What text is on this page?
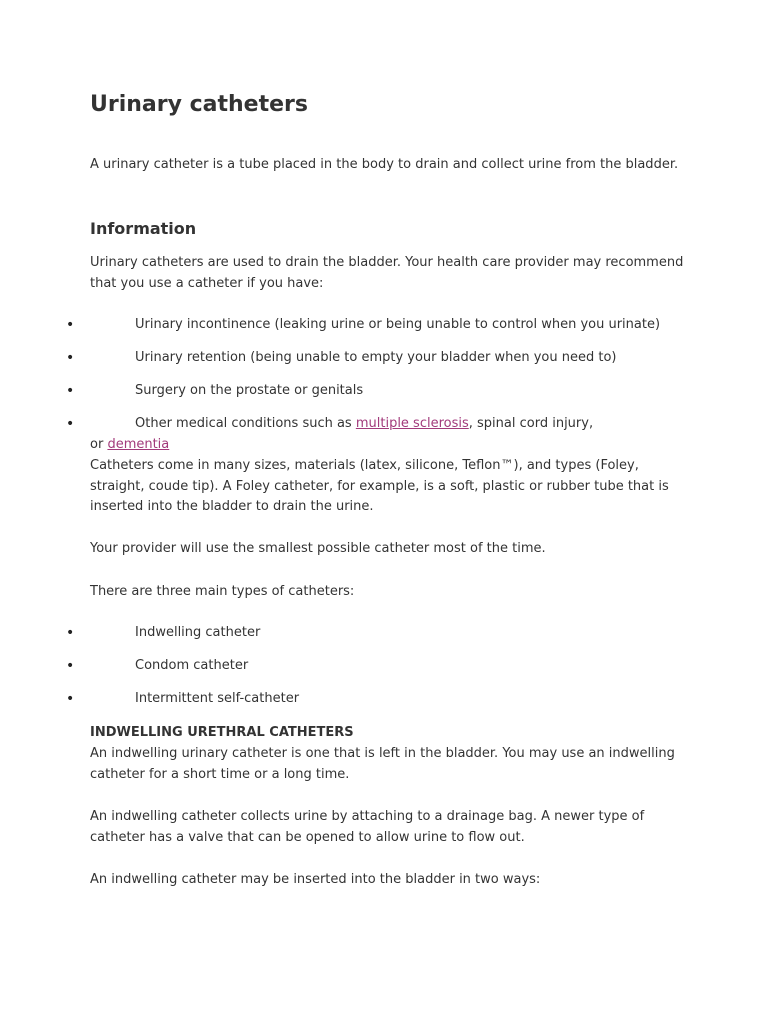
Urinary catheters

A urinary catheter is a tube placed in the body to drain and collect urine from the bladder.

Information

Urinary catheters are used to drain the bladder. Your health care provider may recommend that you use a catheter if you have:

•	Urinary incontinence (leaking urine or being unable to control when you urinate)
•	Urinary retention (being unable to empty your bladder when you need to)
•	Surgery on the prostate or genitals
•	Other medical conditions such as multiple sclerosis, spinal cord injury,
or dementia

Catheters come in many sizes, materials (latex, silicone, Teflon™), and types (Foley, straight, coude tip). A Foley catheter, for example, is a soft, plastic or rubber tube that is inserted into the bladder to drain the urine.

Your provider will use the smallest possible catheter most of the time.

There are three main types of catheters:

•	Indwelling catheter
•	Condom catheter
•	Intermittent self-catheter
INDWELLING URETHRAL CATHETERS

An indwelling urinary catheter is one that is left in the bladder. You may use an indwelling catheter for a short time or a long time.

An indwelling catheter collects urine by attaching to a drainage bag. A newer type of catheter has a valve that can be opened to allow urine to flow out.

An indwelling catheter may be inserted into the bladder in two ways:
